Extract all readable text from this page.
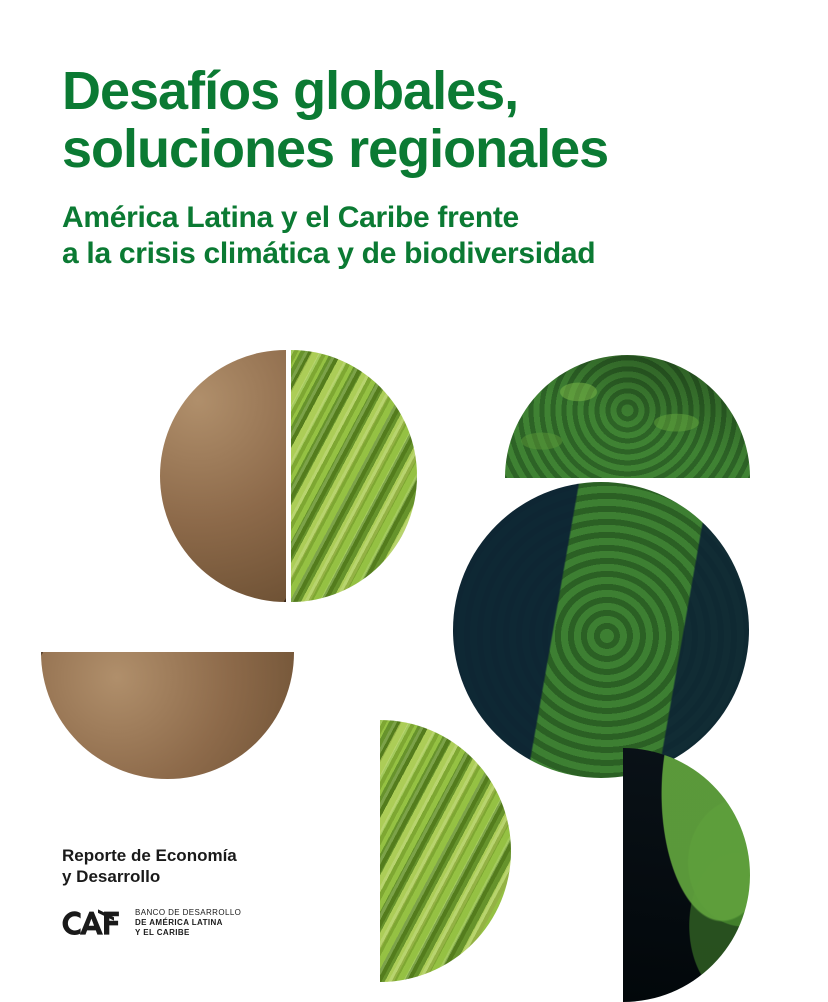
Desafíos globales,
soluciones regionales
América Latina y el Caribe frente
a la crisis climática y de biodiversidad
Reporte de Economía
y Desarrollo
BANCO DE DESARROLLO
DE AMÉRICA LATINA
Y EL CARIBE
